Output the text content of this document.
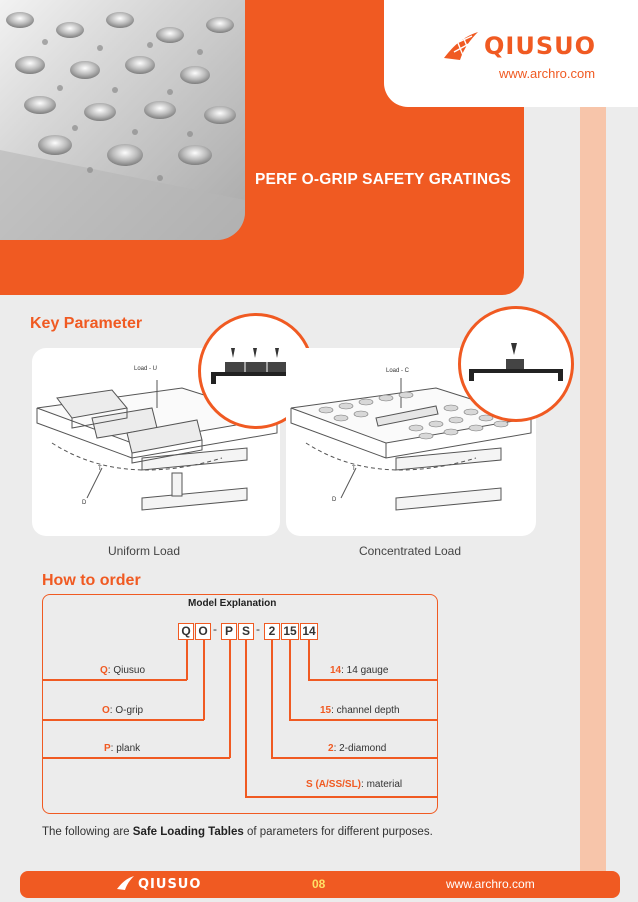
QIUSUO
www.archro.com
PERF O-GRIP SAFETY GRATINGS
Key Parameter
Load - U
T
D
Uniform Load
Load - C
T
D
Concentrated Load
How to order
Model Explanation
Q O - P S - 2 15 14
Q: Qiusuo
O: O-grip
P: plank
14: 14 gauge
15: channel depth
2: 2-diamond
S (A/SS/SL): material
The following are Safe Loading Tables of parameters for different purposes.
QIUSUO	08	www.archro.com
